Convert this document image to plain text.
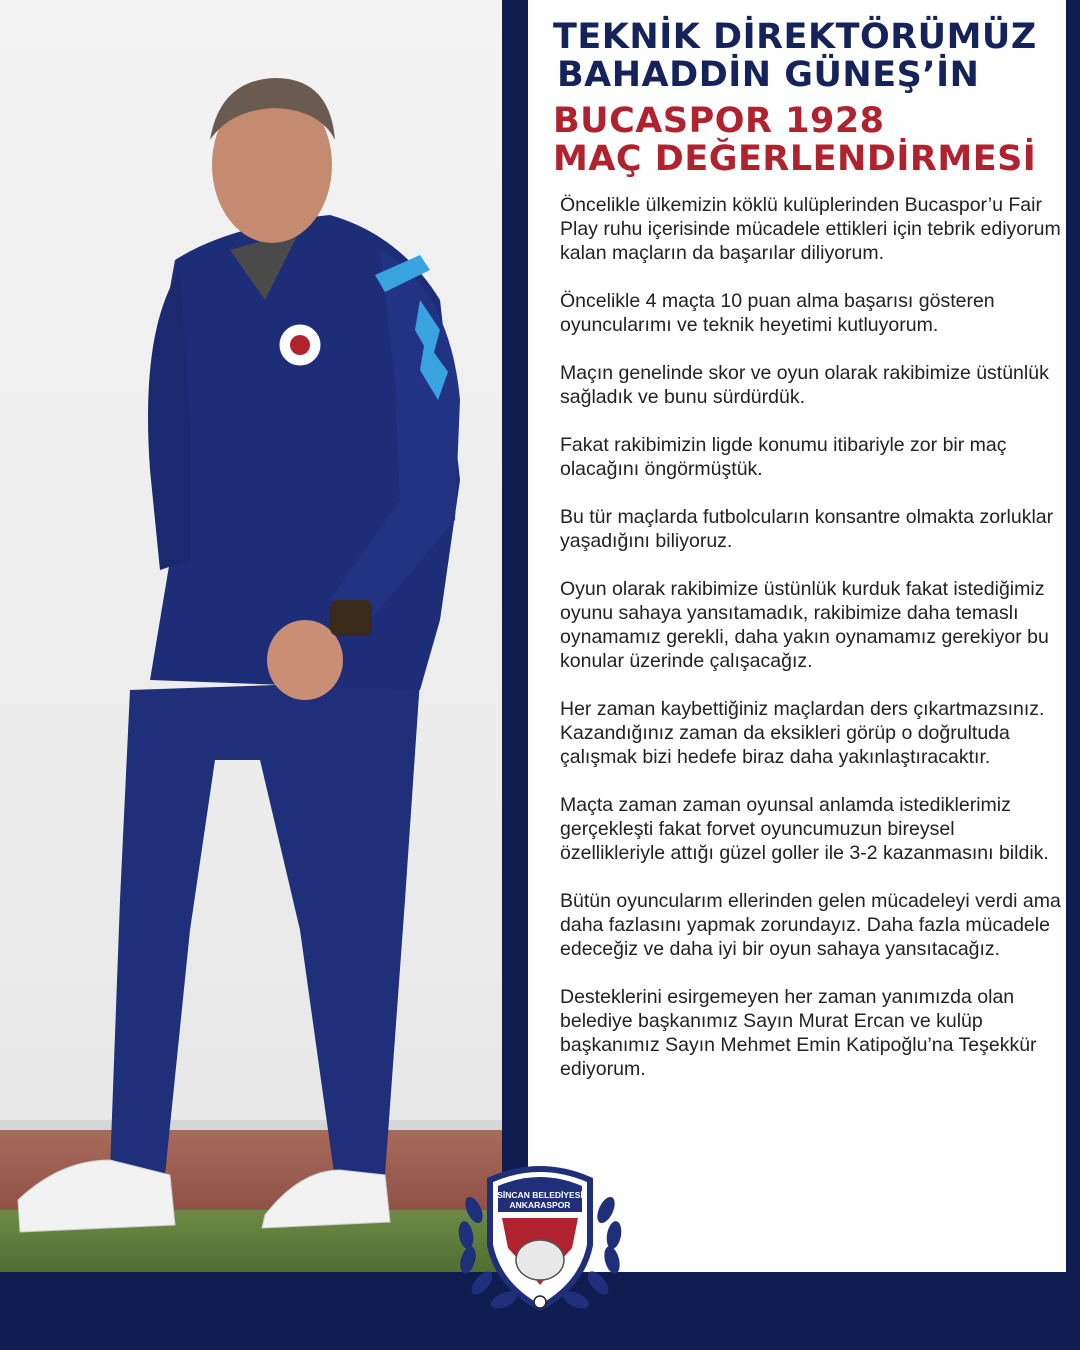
TEKNİK DİREKTÖRÜMÜZ
BAHADDİN GÜNEŞ’İN
BUCASPOR 1928
MAÇ DEĞERLENDİRMESİ

Öncelikle ülkemizin köklü kulüplerinden Bucaspor’u Fair Play ruhu içerisinde mücadele ettikleri için tebrik ediyorum kalan maçların da başarılar diliyorum.

Öncelikle 4 maçta 10 puan alma başarısı gösteren oyuncularımı ve teknik heyetimi kutluyorum.

Maçın genelinde skor ve oyun olarak rakibimize üstünlük sağladık ve bunu sürdürdük.

Fakat rakibimizin ligde konumu itibariyle zor bir maç olacağını öngörmüştük.

Bu tür maçlarda futbolcuların konsantre olmakta zorluklar yaşadığını biliyoruz.

Oyun olarak rakibimize üstünlük kurduk fakat istediğimiz oyunu sahaya yansıtamadık, rakibimize daha temaslı oynamamız gerekli, daha yakın oynamamız gerekiyor bu konular üzerinde çalışacağız.

Her zaman kaybettiğiniz maçlardan ders çıkartmazsınız. Kazandığınız zaman da eksikleri görüp o doğrultuda çalışmak bizi hedefe biraz daha yakınlaştıracaktır.

Maçta zaman zaman oyunsal anlamda istediklerimiz gerçekleşti fakat forvet oyuncumuzun bireysel özellikleriyle attığı güzel goller ile 3-2 kazanmasını bildik.

Bütün oyuncularım ellerinden gelen mücadeleyi verdi ama daha fazlasını yapmak zorundayız. Daha fazla mücadele edeceğiz ve daha iyi bir oyun sahaya yansıtacağız.

Desteklerini esirgemeyen her zaman yanımızda olan belediye başkanımız Sayın Murat Ercan ve kulüp başkanımız Sayın Mehmet Emin Katipoğlu’na Teşekkür ediyorum.

SİNCAN BELEDİYESİ
ANKARASPOR
